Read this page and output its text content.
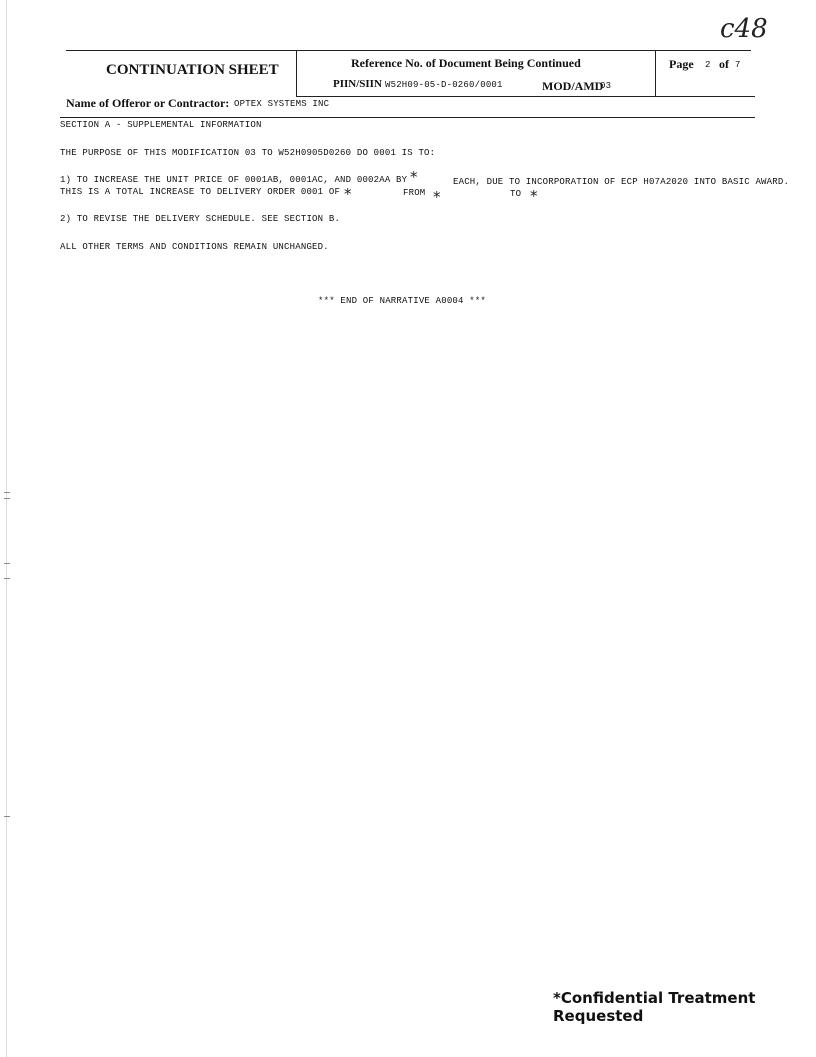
c48
CONTINUATION SHEET	Reference No. of Document Being Continued
PIIN/SIIN W52H09-05-D-0260/0001	MOD/AMD
03
Page 2 of 7
Name of Offeror or Contractor: OPTEX SYSTEMS INC
SECTION A - SUPPLEMENTAL INFORMATION
THE PURPOSE OF THIS MODIFICATION 03 TO W52H0905D0260 DO 0001 IS TO:
1) TO INCREASE THE UNIT PRICE OF 0001AB, 0001AC, AND 0002AA BY *	EACH, DUE TO INCORPORATION OF ECP H07A2020 INTO BASIC AWARD.
THIS IS A TOTAL INCREASE TO DELIVERY ORDER 0001 OF *	FROM *	TO *
2) TO REVISE THE DELIVERY SCHEDULE. SEE SECTION B.
ALL OTHER TERMS AND CONDITIONS REMAIN UNCHANGED.
*** END OF NARRATIVE A0004 ***
*Confidential Treatment Requested
